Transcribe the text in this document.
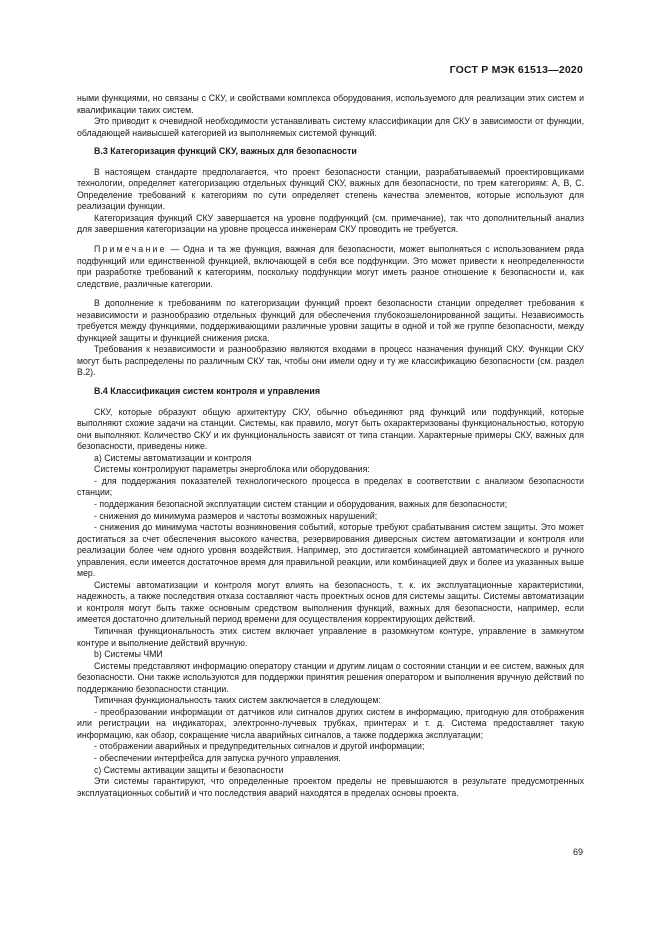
ГОСТ Р МЭК 61513—2020

ными функциями, но связаны с СКУ, и свойствами комплекса оборудования, используемого для реализации этих систем и квалификации таких систем.

Это приводит к очевидной необходимости устанавливать систему классификации для СКУ в зависимости от функции, обладающей наивысшей категорией из выполняемых системой функций.

В.3 Категоризация функций СКУ, важных для безопасности

В настоящем стандарте предполагается, что проект безопасности станции, разрабатываемый проектировщиками технологии, определяет категоризацию отдельных функций СКУ, важных для безопасности, по трем категориям: А, В, С. Определение требований к категориям по сути определяет степень качества элементов, которые используют для реализации функции.

Категоризация функций СКУ завершается на уровне подфункций (см. примечание), так что дополнительный анализ для завершения категоризации на уровне процесса инженерам СКУ проводить не требуется.

Примечание — Одна и та же функция, важная для безопасности, может выполняться с использованием ряда подфункций или единственной функцией, включающей в себя все подфункции. Это может привести к неопределенности при разработке требований к категориям, поскольку подфункции могут иметь разное отношение к безопасности и, как следствие, различные категории.

В дополнение к требованиям по категоризации функций проект безопасности станции определяет требования к независимости и разнообразию отдельных функций для обеспечения глубокоэшелонированной защиты. Независимость требуется между функциями, поддерживающими различные уровни защиты в одной и той же группе безопасности, между функцией защиты и функцией снижения риска.

Требования к независимости и разнообразию являются входами в процесс назначения функций СКУ. Функции СКУ могут быть распределены по различным СКУ так, чтобы они имели одну и ту же классификацию безопасности (см. раздел В.2).

В.4 Классификация систем контроля и управления

СКУ, которые образуют общую архитектуру СКУ, обычно объединяют ряд функций или подфункций, которые выполняют схожие задачи на станции. Системы, как правило, могут быть охарактеризованы функциональностью, которую они выполняют. Количество СКУ и их функциональность зависят от типа станции. Характерные примеры СКУ, важных для безопасности, приведены ниже.

а) Системы автоматизации и контроля

Системы контролируют параметры энергоблока или оборудования:

- для поддержания показателей технологического процесса в пределах в соответствии с анализом безопасности станции;

- поддержания безопасной эксплуатации систем станции и оборудования, важных для безопасности;

- снижения до минимума размеров и частоты возможных нарушений;

- снижения до минимума частоты возникновения событий, которые требуют срабатывания систем защиты. Это может достигаться за счет обеспечения высокого качества, резервирования диверсных систем автоматизации и контроля или реализации более чем одного уровня воздействия. Например, это достигается комбинацией автоматического и ручного управления, если имеется достаточное время для правильной реакции, или комбинацией двух и более из указанных выше мер.

Системы автоматизации и контроля могут влиять на безопасность, т. к. их эксплуатационные характеристики, надежность, а также последствия отказа составляют часть проектных основ для системы защиты. Системы автоматизации и контроля могут быть также основным средством выполнения функций, важных для безопасности, например, если имеется достаточно длительный период времени для осуществления корректирующих действий.

Типичная функциональность этих систем включает управление в разомкнутом контуре, управление в замкнутом контуре и выполнение действий вручную.

b) Системы ЧМИ

Системы представляют информацию оператору станции и другим лицам о состоянии станции и ее систем, важных для безопасности. Они также используются для поддержки принятия решения оператором и выполнения вручную действий по поддержанию безопасности станции.

Типичная функциональность таких систем заключается в следующем:

- преобразовании информации от датчиков или сигналов других систем в информацию, пригодную для отображения или регистрации на индикаторах, электронно-лучевых трубках, принтерах и т. д. Система предоставляет такую информацию, как обзор, сокращение числа аварийных сигналов, а также поддержка эксплуатации;

- отображении аварийных и предупредительных сигналов и другой информации;

- обеспечении интерфейса для запуска ручного управления.

с) Системы активации защиты и безопасности

Эти системы гарантируют, что определенные проектом пределы не превышаются в результате предусмотренных эксплуатационных событий и что последствия аварий находятся в пределах основы проекта.

69
